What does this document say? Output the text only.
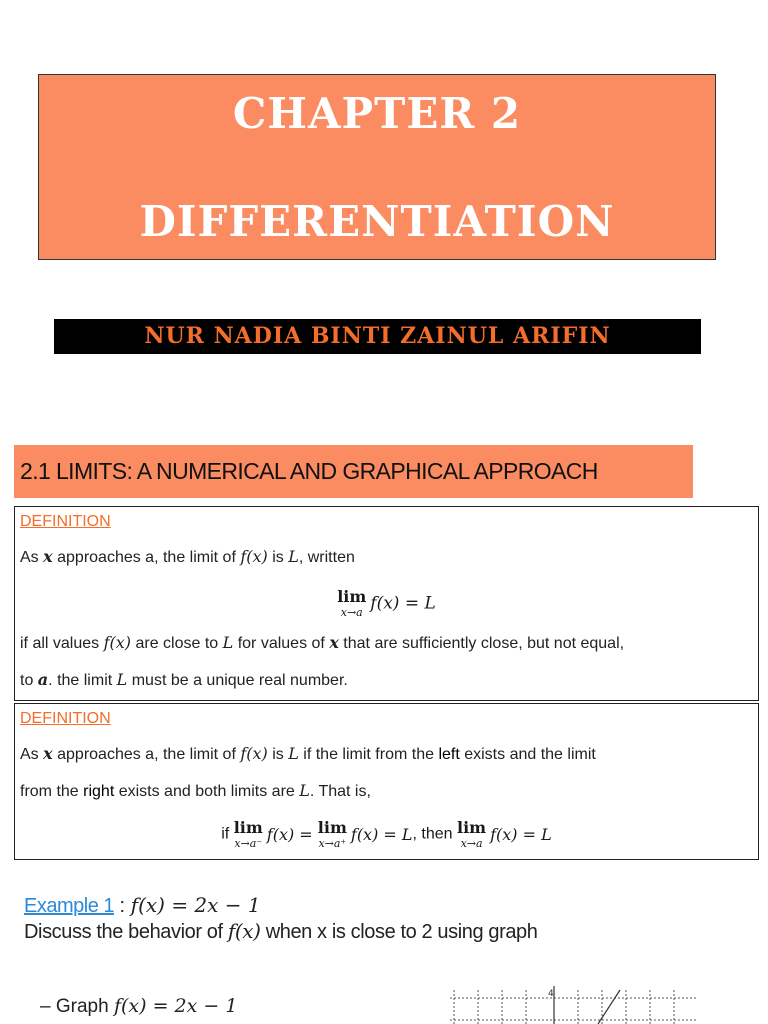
CHAPTER 2
DIFFERENTIATION
NUR NADIA BINTI ZAINUL ARIFIN
2.1 LIMITS: A NUMERICAL AND GRAPHICAL APPROACH
DEFINITION
As x approaches a, the limit of f(x) is L, written
lim
x→a f(x) = L
if all values f(x) are close to L for values of x that are sufficiently close, but not equal,
to a. the limit L must be a unique real number.
DEFINITION
As x approaches a, the limit of f(x) is L if the limit from the left exists and the limit
from the right exists and both limits are L. That is,
if lim
x→a⁻ f(x) = lim
x→a⁺ f(x) = L, then lim
x→a f(x) = L
Example 1 : f(x) = 2x − 1
Discuss the behavior of f(x) when x is close to 2 using graph
– Graph f(x) = 2x − 1
4
